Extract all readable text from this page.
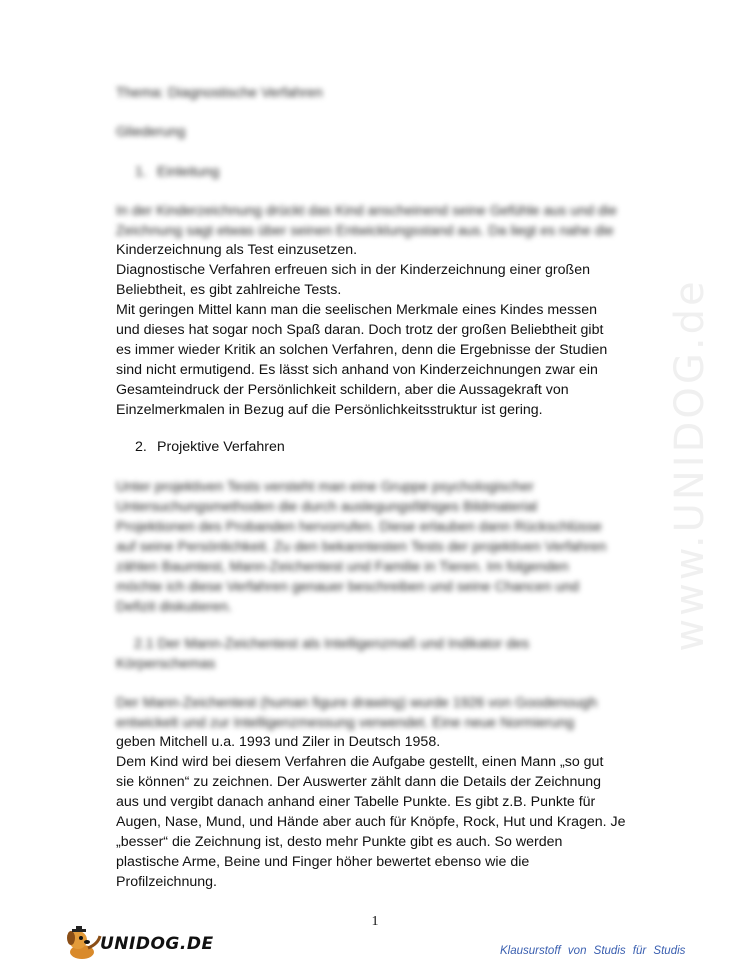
www.UNIDOG.de
Thema: Diagnostische Verfahren
Gliederung
1. Einleitung
In der Kinderzeichnung drückt das Kind anscheinend seine Gefühle aus und die
Zeichnung sagt etwas über seinen Entwicklungsstand aus. Da liegt es nahe die
Kinderzeichnung als Test einzusetzen.
Diagnostische Verfahren erfreuen sich in der Kinderzeichnung einer großen
Beliebtheit, es gibt zahlreiche Tests.
Mit geringen Mittel kann man die seelischen Merkmale eines Kindes messen
und dieses hat sogar noch Spaß daran. Doch trotz der großen Beliebtheit gibt
es immer wieder Kritik an solchen Verfahren, denn die Ergebnisse der Studien
sind nicht ermutigend. Es lässt sich anhand von Kinderzeichnungen zwar ein
Gesamteindruck der Persönlichkeit schildern, aber die Aussagekraft von
Einzelmerkmalen in Bezug auf die Persönlichkeitsstruktur ist gering.
2. Projektive Verfahren
Unter projektiven Tests versteht man eine Gruppe psychologischer
Untersuchungsmethoden die durch auslegungsfähiges Bildmaterial
Projektionen des Probanden hervorrufen. Diese erlauben dann Rückschlüsse
auf seine Persönlichkeit. Zu den bekanntesten Tests der projektiven Verfahren
zählen Baumtest, Mann-Zeichentest und Familie in Tieren. Im folgenden
möchte ich diese Verfahren genauer beschreiben und seine Chancen und
Defizit diskutieren.
2.1 Der Mann-Zeichentest als Intelligenzmaß und Indikator des
Körperschemas
Der Mann-Zeichentest (human figure drawing) wurde 1926 von Goodenough
entwickelt und zur Intelligenzmessung verwendet. Eine neue Normierung
geben Mitchell u.a. 1993 und Ziler in Deutsch 1958.
Dem Kind wird bei diesem Verfahren die Aufgabe gestellt, einen Mann „so gut
sie können“ zu zeichnen. Der Auswerter zählt dann die Details der Zeichnung
aus und vergibt danach anhand einer Tabelle Punkte. Es gibt z.B. Punkte für
Augen, Nase, Mund, und Hände aber auch für Knöpfe, Rock, Hut und Kragen. Je
„besser“ die Zeichnung ist, desto mehr Punkte gibt es auch. So werden
plastische Arme, Beine und Finger höher bewertet ebenso wie die
Profilzeichnung.
1
UNIDOG.DE	Klausurstoff von Studis für Studis
